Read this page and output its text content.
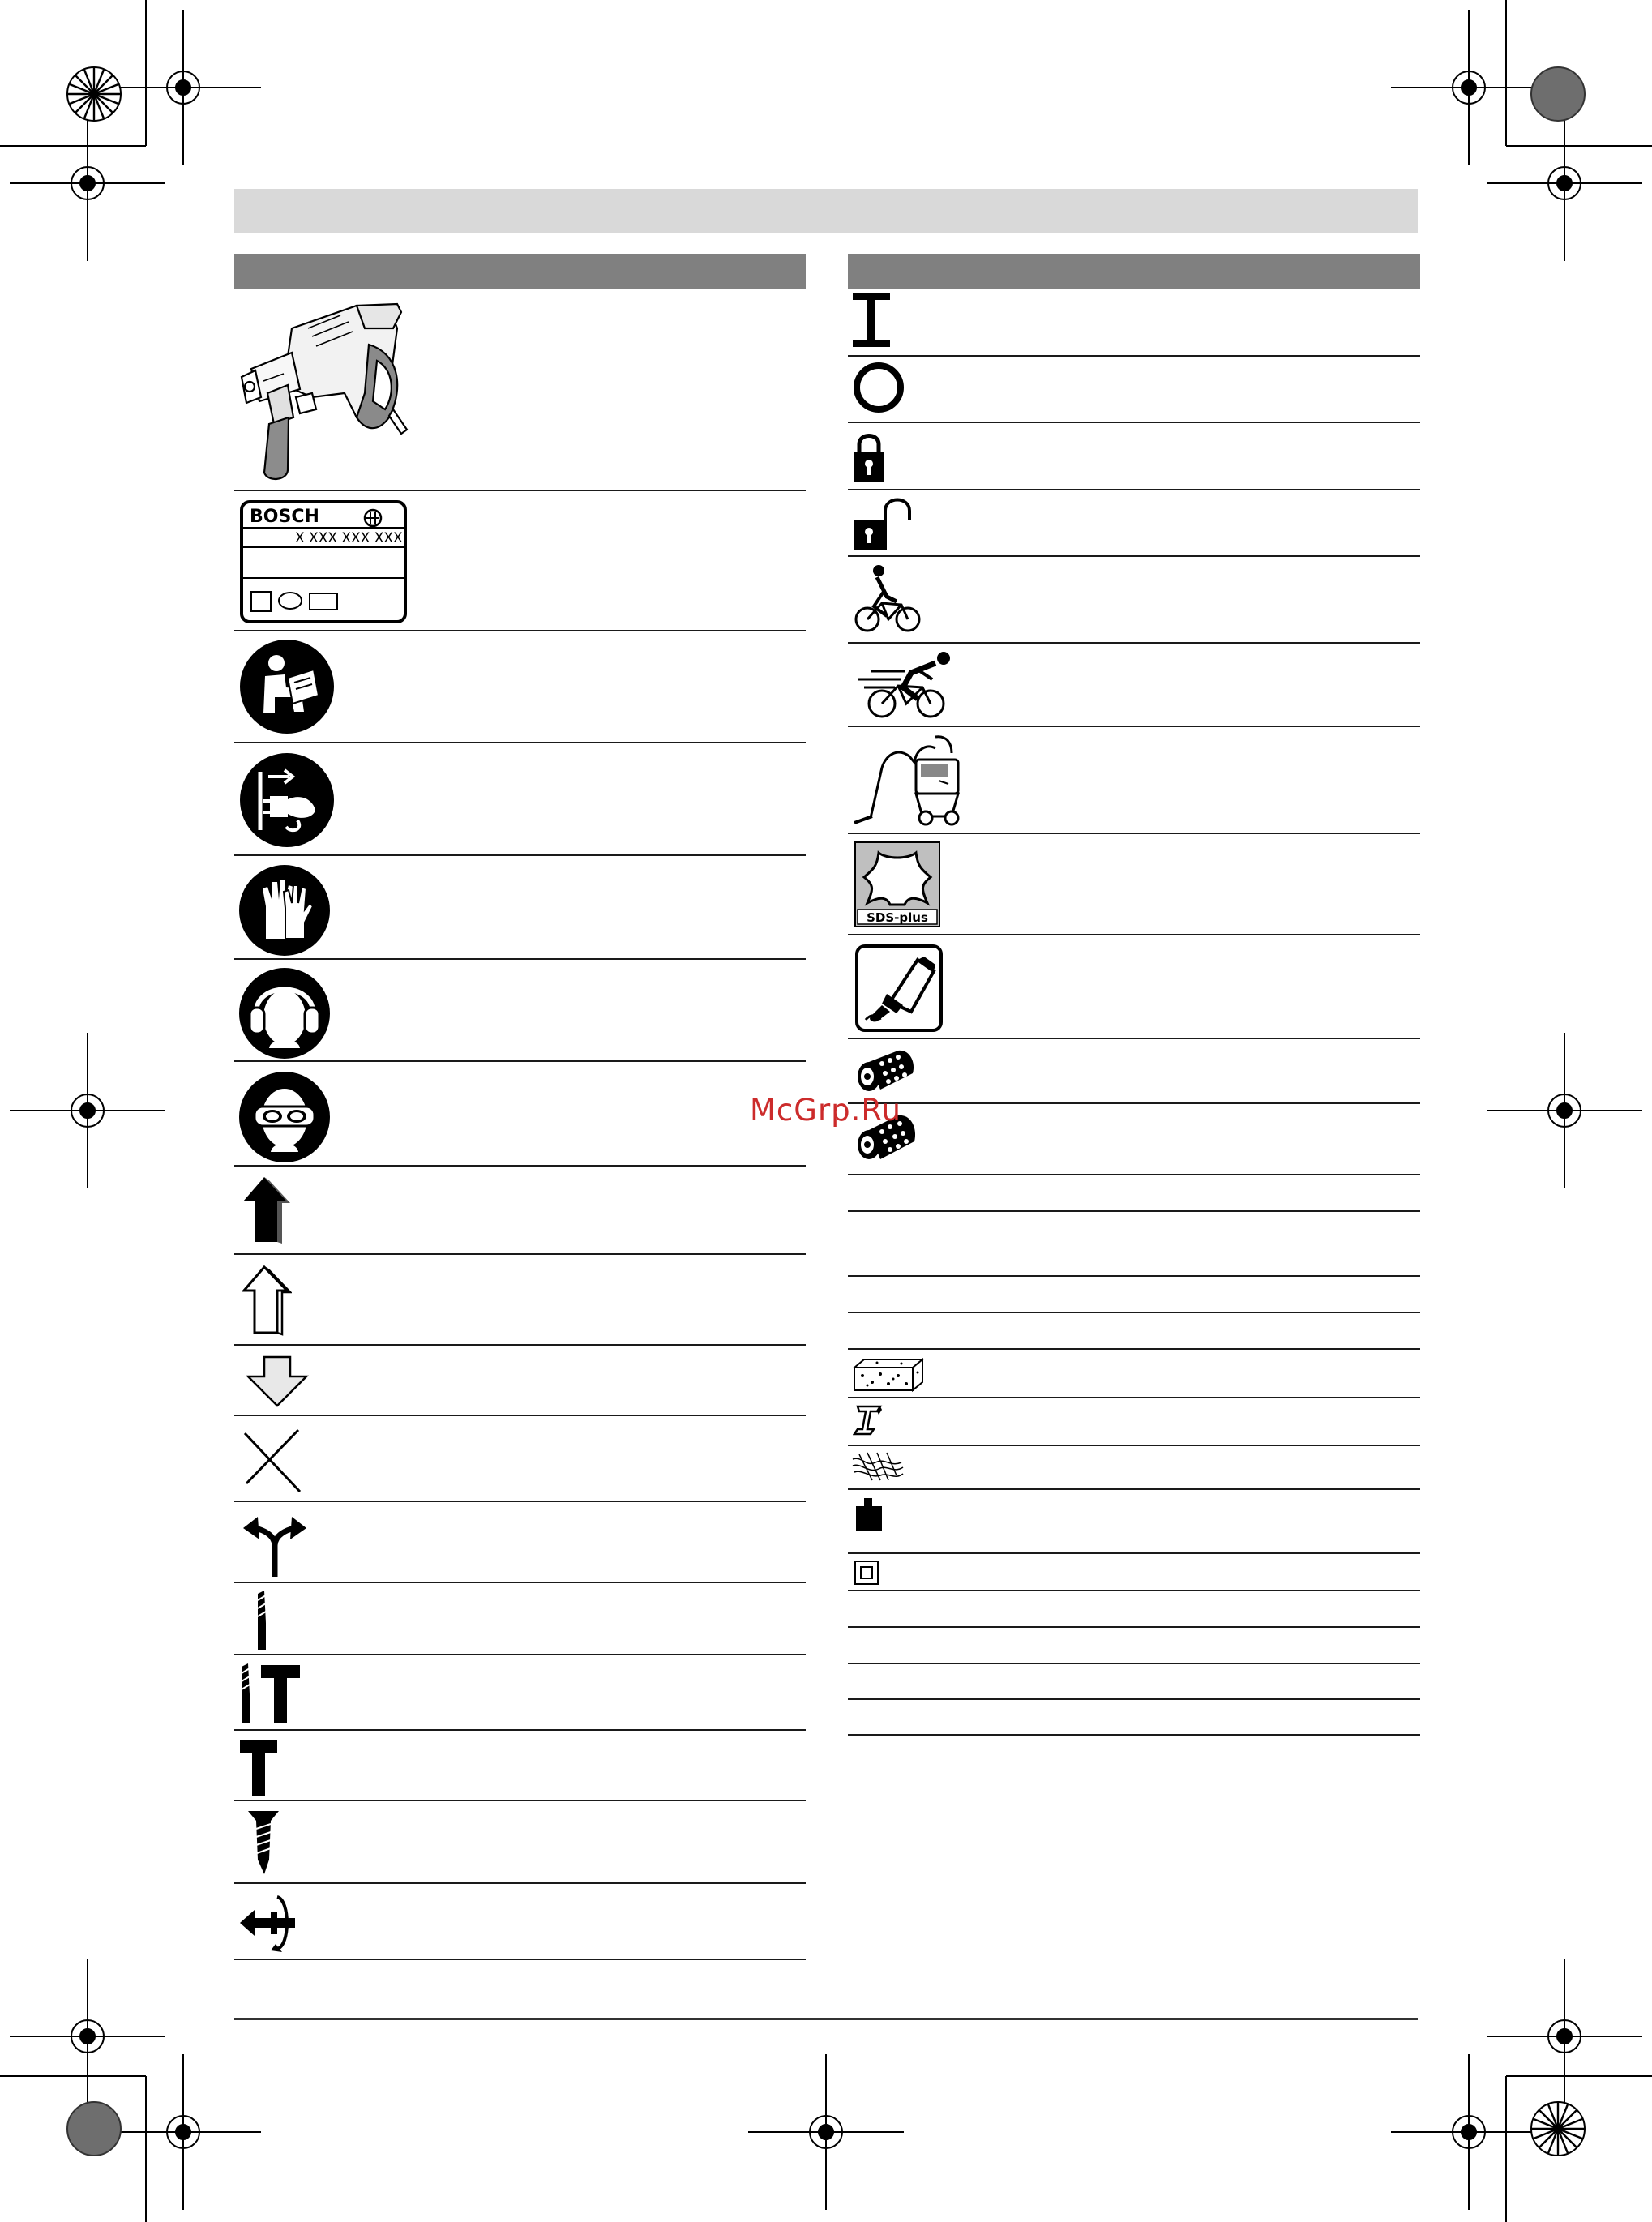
BOSCH
X XXX XXX XXX
SDS-plus
McGrp.Ru
